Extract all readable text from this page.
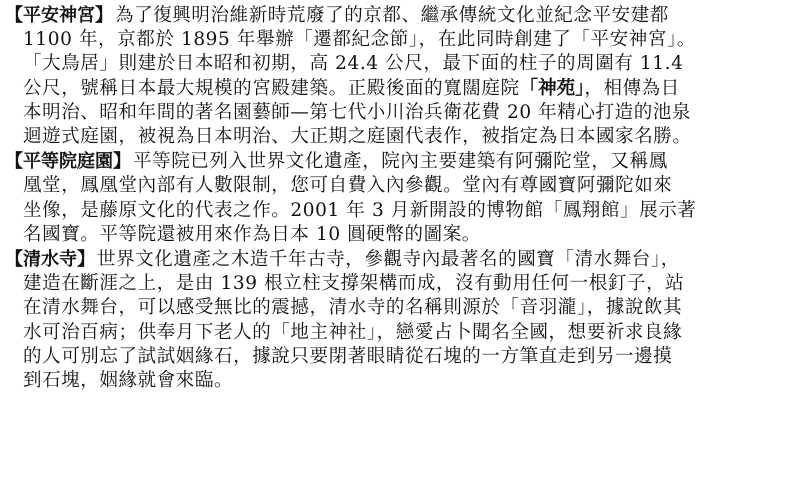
【平安神宮】 為了復興明治維新時荒廢了的京都、繼承傳統文化並紀念平安建都
1100 年，京都於 1895 年舉辦「遷都紀念節」，在此同時創建了「平安神宮」。
「大鳥居」則建於日本昭和初期，高 24.4 公尺，最下面的柱子的周圍有 11.4
公尺，號稱日本最大規模的宮殿建築。正殿後面的寬闊庭院「神苑」，相傳為日
本明治、昭和年間的著名園藝師—第七代小川治兵衛花費 20 年精心打造的池泉
迴遊式庭園，被視為日本明治、大正期之庭園代表作，被指定為日本國家名勝。
【平等院庭園】 平等院已列入世界文化遺產，院內主要建築有阿彌陀堂，又稱鳳
凰堂，鳳凰堂內部有人數限制，您可自費入內參觀。堂內有尊國寶阿彌陀如來
坐像，是藤原文化的代表之作。2001 年 3 月新開設的博物館「鳳翔館」展示著
名國寶。平等院還被用來作為日本 10 圓硬幣的圖案。
【清水寺】 世界文化遺產之木造千年古寺，參觀寺內最著名的國寶「清水舞台」，
建造在斷涯之上，是由 139 根立柱支撐架構而成，沒有動用任何一根釘子，站
在清水舞台，可以感受無比的震撼，清水寺的名稱則源於「音羽瀧」，據說飲其
水可治百病；供奉月下老人的「地主神社」，戀愛占卜聞名全國，想要祈求良緣
的人可別忘了試試姻緣石，據說只要閉著眼睛從石塊的一方筆直走到另一邊摸
到石塊，姻緣就會來臨。
